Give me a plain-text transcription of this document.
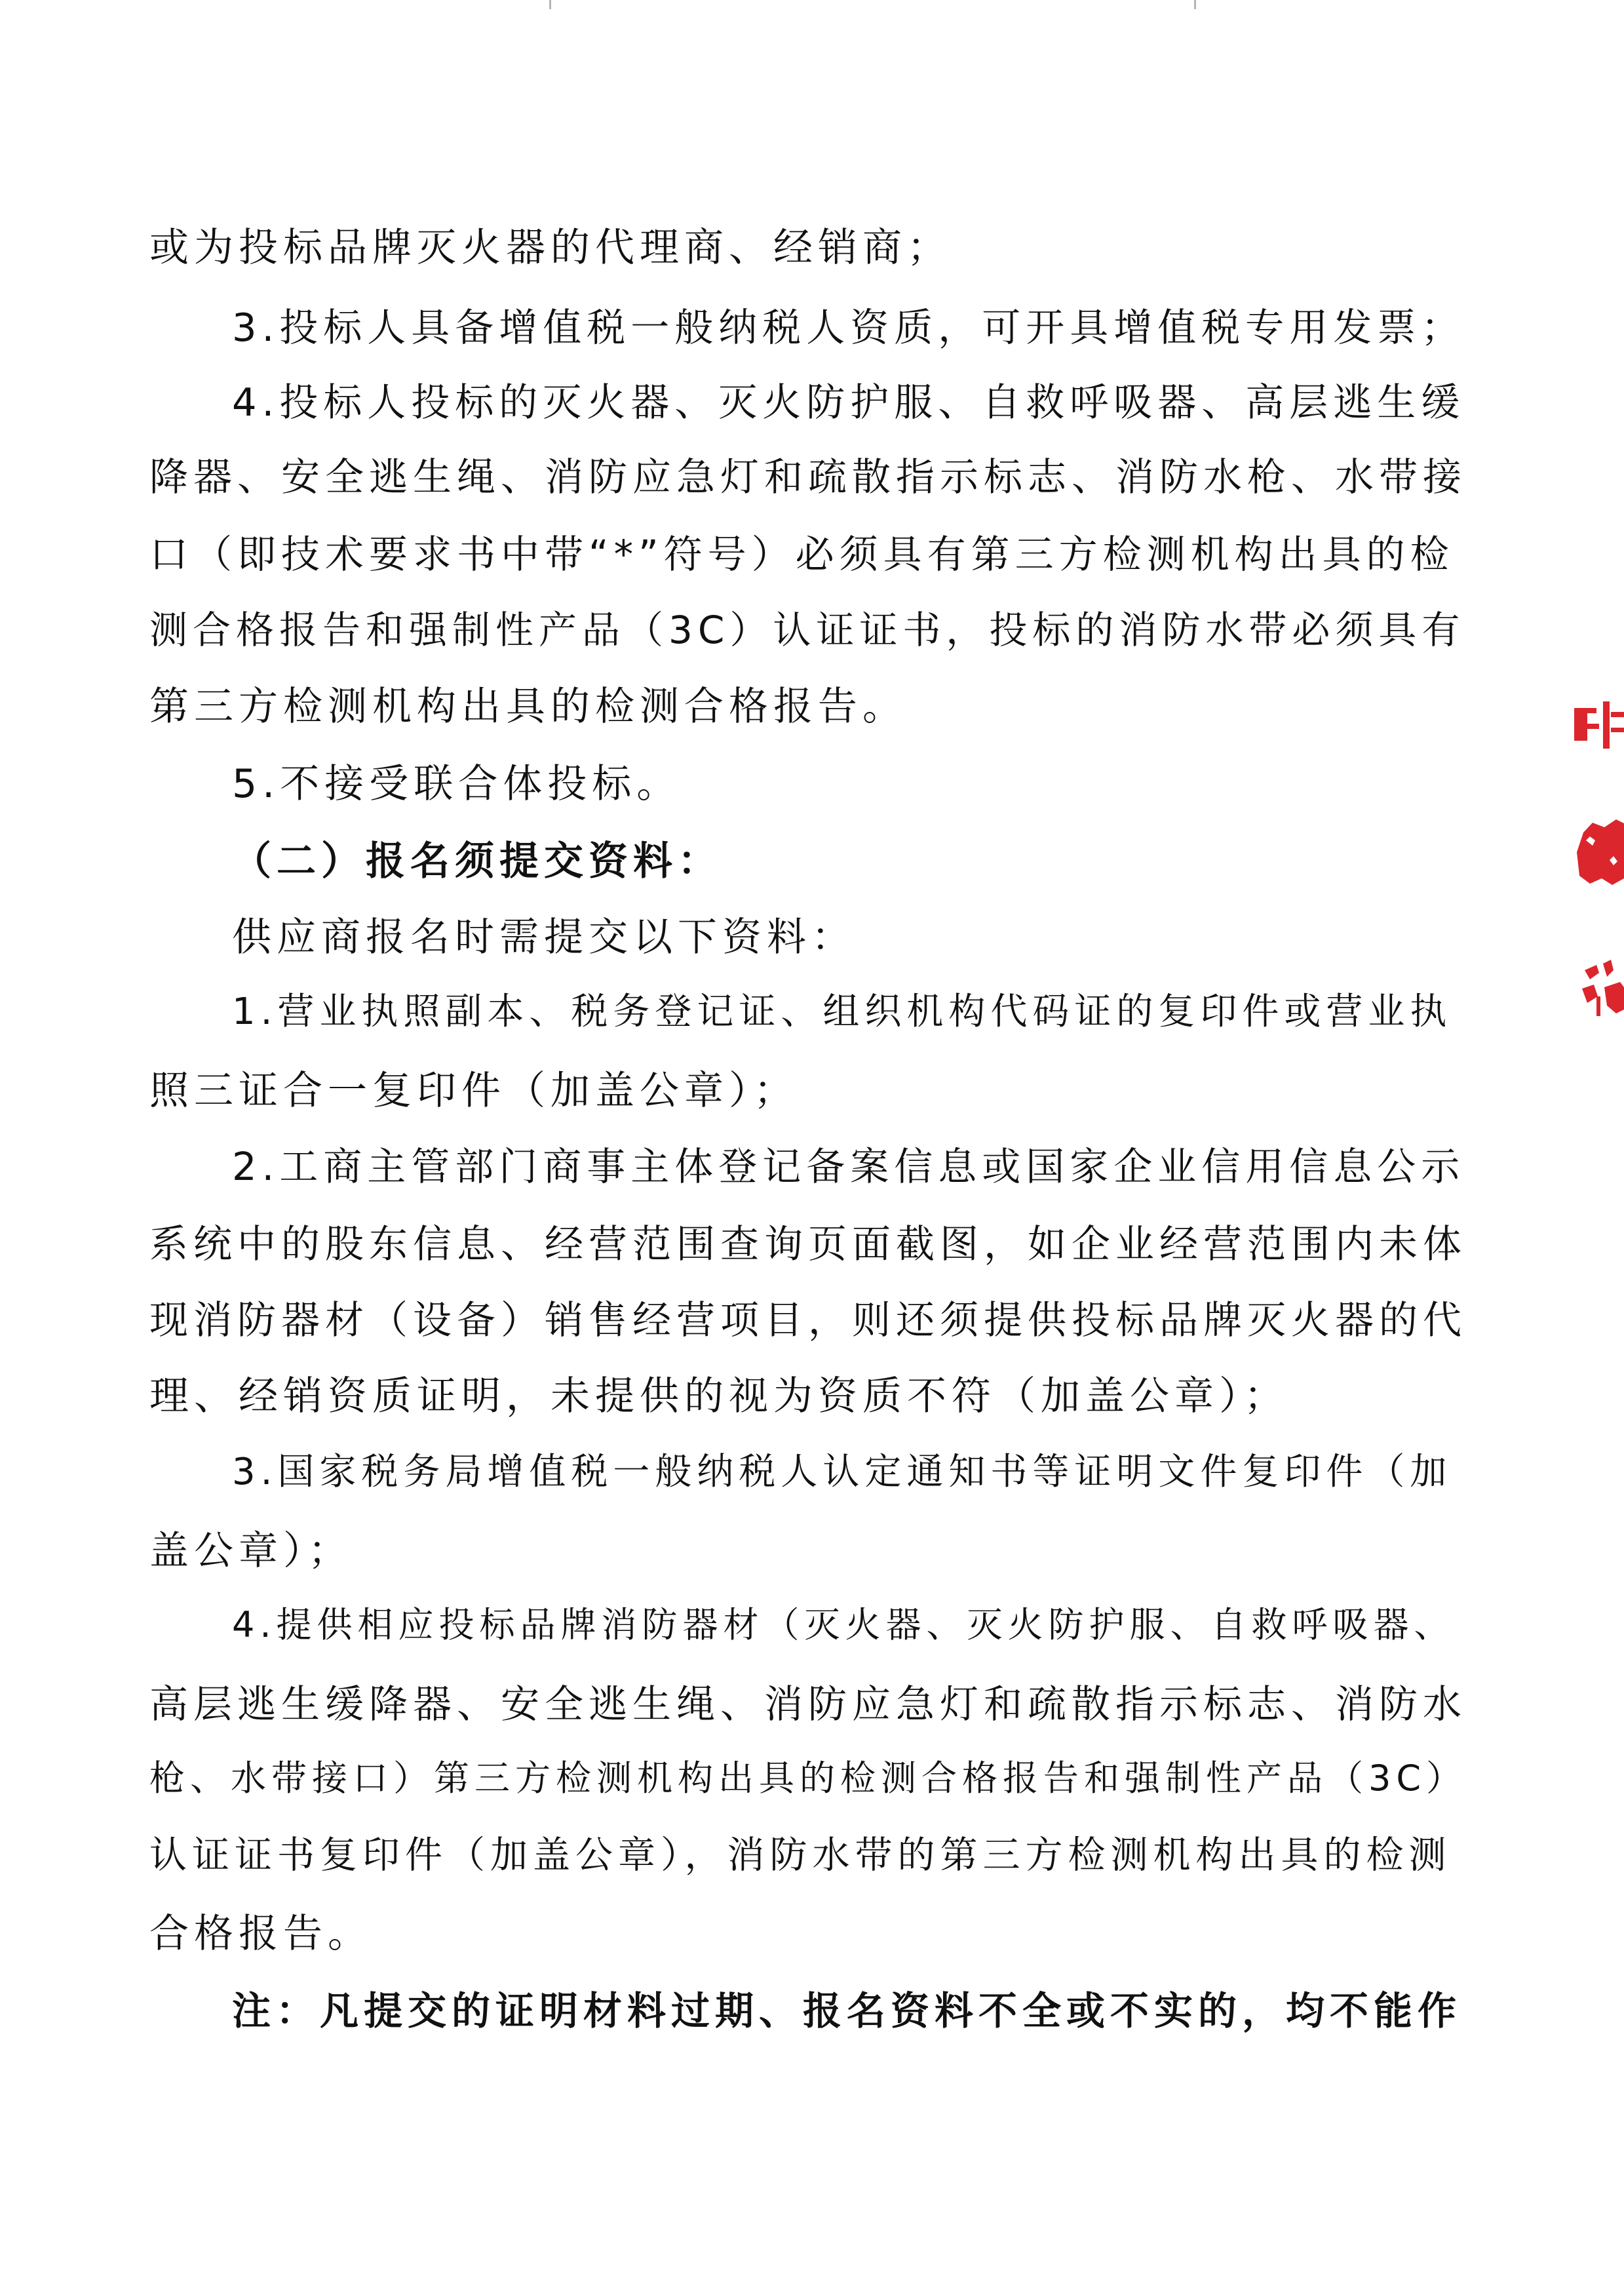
或为投标品牌灭火器的代理商、经销商；
3.投标人具备增值税一般纳税人资质，可开具增值税专用发票；
4.投标人投标的灭火器、灭火防护服、自救呼吸器、高层逃生缓
降器、安全逃生绳、消防应急灯和疏散指示标志、消防水枪、水带接
口（即技术要求书中带“*”符号）必须具有第三方检测机构出具的检
测合格报告和强制性产品（3C）认证证书，投标的消防水带必须具有
第三方检测机构出具的检测合格报告。
5.不接受联合体投标。
（二）报名须提交资料：
供应商报名时需提交以下资料：
1.营业执照副本、税务登记证、组织机构代码证的复印件或营业执
照三证合一复印件（加盖公章）；
2.工商主管部门商事主体登记备案信息或国家企业信用信息公示
系统中的股东信息、经营范围查询页面截图，如企业经营范围内未体
现消防器材（设备）销售经营项目，则还须提供投标品牌灭火器的代
理、经销资质证明，未提供的视为资质不符（加盖公章）；
3.国家税务局增值税一般纳税人认定通知书等证明文件复印件（加
盖公章）；
4.提供相应投标品牌消防器材（灭火器、灭火防护服、自救呼吸器、
高层逃生缓降器、安全逃生绳、消防应急灯和疏散指示标志、消防水
枪、水带接口）第三方检测机构出具的检测合格报告和强制性产品（3C）
认证证书复印件（加盖公章），消防水带的第三方检测机构出具的检测
合格报告。
注：凡提交的证明材料过期、报名资料不全或不实的，均不能作
